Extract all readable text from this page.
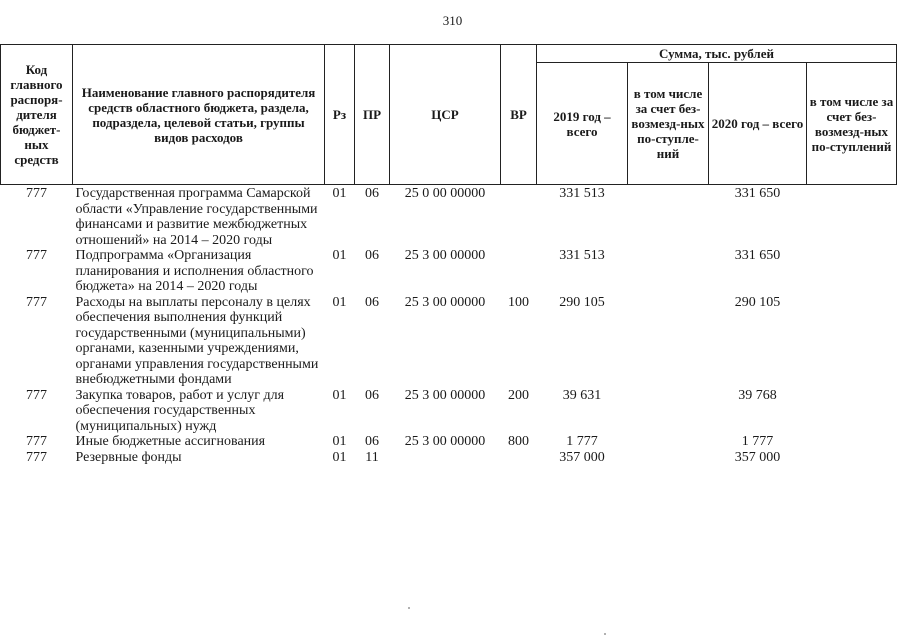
310
Код главного распоря-дителя бюджет-ных средств	Наименование главного распорядителя средств областного бюджета, раздела, подраздела, целевой статьи, группы видов расходов	Рз	ПР	ЦСР	ВР	Сумма, тыс. рублей			
						2019 год – всего	в том числе за счет без-возмезд-ных по-ступле-ний	2020 год – всего	в том числе за счет без-возмезд-ных по-ступлений
777	Государственная программа Самарской области «Управление государственными финансами и развитие межбюджетных отношений» на 2014 – 2020 годы	01	06	25 0 00 00000		331 513		331 650	
777	Подпрограмма «Организация планирования и исполнения областного бюджета» на 2014 – 2020 годы	01	06	25 3 00 00000		331 513		331 650	
777	Расходы на выплаты персоналу в целях обеспечения выполнения функций государственными (муниципальными) органами, казенными учреждениями, органами управления государственными внебюджетными фондами	01	06	25 3 00 00000	100	290 105		290 105	
777	Закупка товаров, работ и услуг для обеспечения государственных (муниципальных) нужд	01	06	25 3 00 00000	200	39 631		39 768	
777	Иные бюджетные ассигнования	01	06	25 3 00 00000	800	1 777		1 777	
777	Резервные фонды	01	11			357 000		357 000	
